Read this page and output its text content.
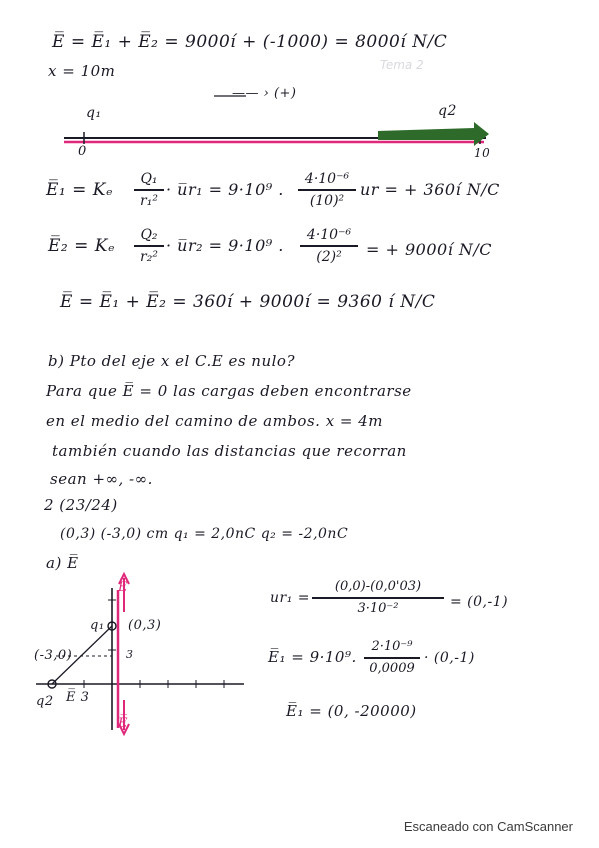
Tema 2
E̅ = E̅₁ + E̅₂ = 9000í + (-1000) = 8000í N/C
x = 10m
—— › (+)
q₁	q2
0	10
E̅₁ = Kₑ
Q₁
r₁²
· u̅r₁ = 9·10⁹ .
4·10⁻⁶
(10)²
ur = + 360í N/C
E̅₂ = Kₑ
Q₂
r₂²
· u̅r₂ = 9·10⁹ .
4·10⁻⁶
(2)²	= + 9000í N/C
E̅ = E̅₁ + E̅₂ = 360í + 9000í = 9360 í N/C
b) Pto del eje x el C.E es nulo?
Para que E̅ = 0 las cargas deben encontrarse
en el medio del camino de ambos. x = 4m
también cuando las distancias que recorran
sean +∞, -∞.
2 (23/24)
(0,3) (-3,0) cm q₁ = 2,0nC q₂ = -2,0nC
a) E̅
q₁ (0,3)
(-3,0)
q2 E̅ 3
3
E̅
E̅
ur₁ =
(0,0)-(0,0'03)
3·10⁻²	= (0,-1)
E̅₁ = 9·10⁹.
2·10⁻⁹
0,0009
· (0,-1)
E̅₁ = (0, -20000)
Escaneado con CamScanner
